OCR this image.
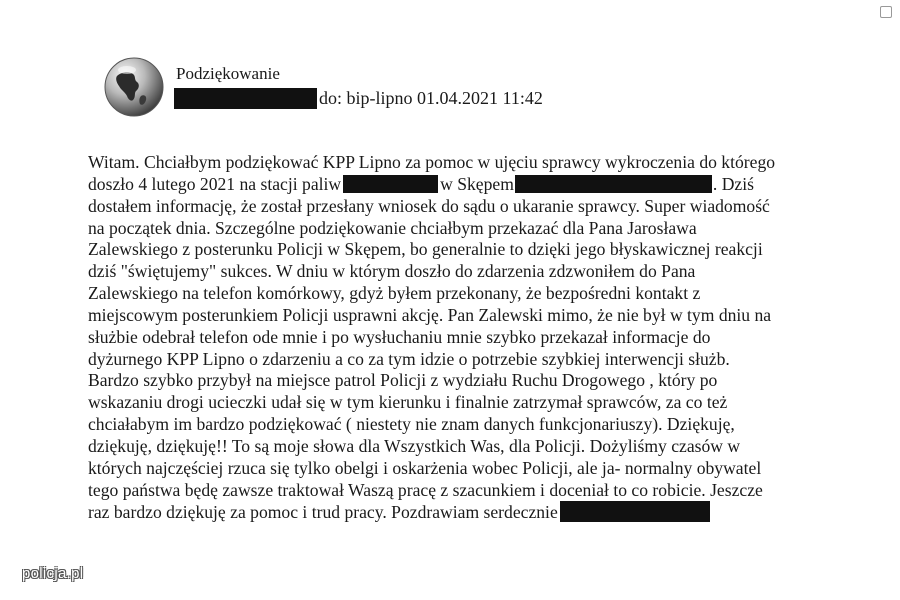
Podziękowanie
do: bip-lipno 01.04.2021 11:42
Witam. Chciałbym podziękować KPP Lipno za pomoc w ujęciu sprawcy wykroczenia do którego
doszło 4 lutego 2021 na stacji paliw	w Skępem	. Dziś
dostałem informację, że został przesłany wniosek do sądu o ukaranie sprawcy. Super wiadomość
na początek dnia. Szczególne podziękowanie chciałbym przekazać dla Pana Jarosława
Zalewskiego z posterunku Policji w Skępem, bo generalnie to dzięki jego błyskawicznej reakcji
dziś "świętujemy" sukces. W dniu w którym doszło do zdarzenia zdzwoniłem do Pana
Zalewskiego na telefon komórkowy, gdyż byłem przekonany, że bezpośredni kontakt z
miejscowym posterunkiem Policji usprawni akcję. Pan Zalewski mimo, że nie był w tym dniu na
służbie odebrał telefon ode mnie i po wysłuchaniu mnie szybko przekazał informacje do
dyżurnego KPP Lipno o zdarzeniu a co za tym idzie o potrzebie szybkiej interwencji służb.
Bardzo szybko przybył na miejsce patrol Policji z wydziału Ruchu Drogowego , który po
wskazaniu drogi ucieczki udał się w tym kierunku i finalnie zatrzymał sprawców, za co też
chciałabym im bardzo podziękować ( niestety nie znam danych funkcjonariuszy). Dziękuję,
dziękuję, dziękuję!! To są moje słowa dla Wszystkich Was, dla Policji. Dożyliśmy czasów w
których najczęściej rzuca się tylko obelgi i oskarżenia wobec Policji, ale ja- normalny obywatel
tego państwa będę zawsze traktował Waszą pracę z szacunkiem i doceniał to co robicie. Jeszcze
raz bardzo dziękuję za pomoc i trud pracy. Pozdrawiam serdecznie
policja.pl
